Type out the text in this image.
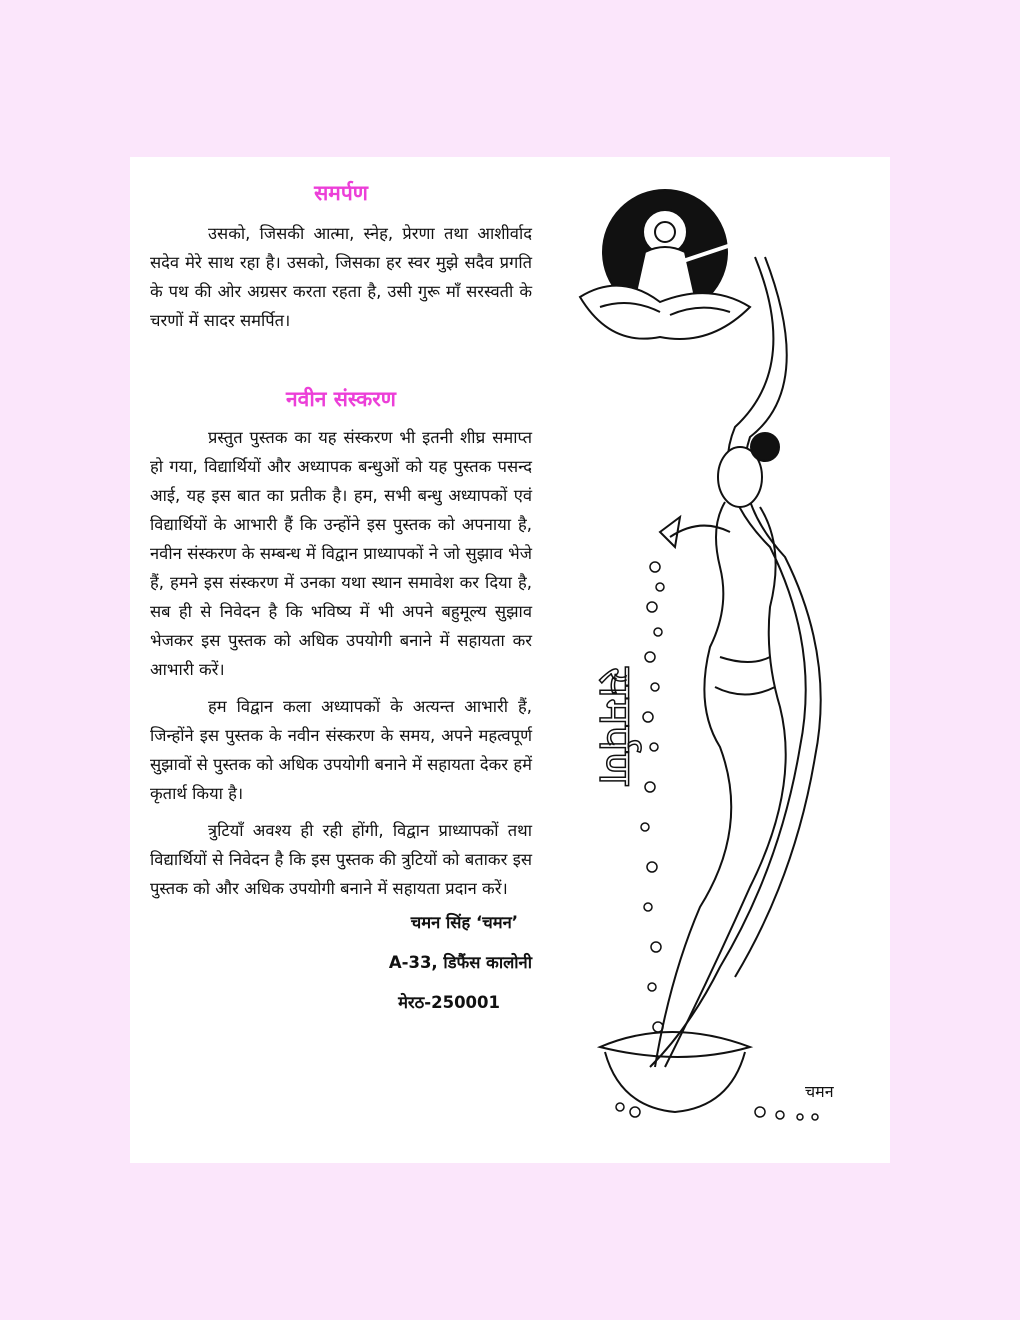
समर्पण

उसको, जिसकी आत्मा, स्नेह, प्रेरणा तथा आशीर्वाद सदेव मेरे साथ रहा है। उसको, जिसका हर स्वर मुझे सदैव प्रगति के पथ की ओर अग्रसर करता रहता है, उसी गुरू माँ सरस्वती के चरणों में सादर समर्पित।

नवीन संस्करण

प्रस्तुत पुस्तक का यह संस्करण भी इतनी शीघ्र समाप्त हो गया, विद्यार्थियों और अध्यापक बन्धुओं को यह पुस्तक पसन्द आई, यह इस बात का प्रतीक है। हम, सभी बन्धु अध्यापकों एवं विद्यार्थियों के आभारी हैं कि उन्होंने इस पुस्तक को अपनाया है, नवीन संस्करण के सम्बन्ध में विद्वान प्राध्यापकों ने जो सुझाव भेजे हैं, हमने इस संस्करण में उनका यथा स्थान समावेश कर दिया है, सब ही से निवेदन है कि भविष्य में भी अपने बहुमूल्य सुझाव भेजकर इस पुस्तक को अधिक उपयोगी बनाने में सहायता कर आभारी करें।

हम विद्वान कला अध्यापकों के अत्यन्त आभारी हैं, जिन्होंने इस पुस्तक के नवीन संस्करण के समय, अपने महत्वपूर्ण सुझावों से पुस्तक को अधिक उपयोगी बनाने में सहायता देकर हमें कृतार्थ किया है।

त्रुटियाँ अवश्य ही रही होंगी, विद्वान प्राध्यापकों तथा विद्यार्थियों से निवेदन है कि इस पुस्तक की त्रुटियों को बताकर इस पुस्तक को और अधिक उपयोगी बनाने में सहायता प्रदान करें।

चमन सिंह ‘चमन’
A-33, डिफैंस कालोनी
मेरठ-250001
समर्पण
चमन
